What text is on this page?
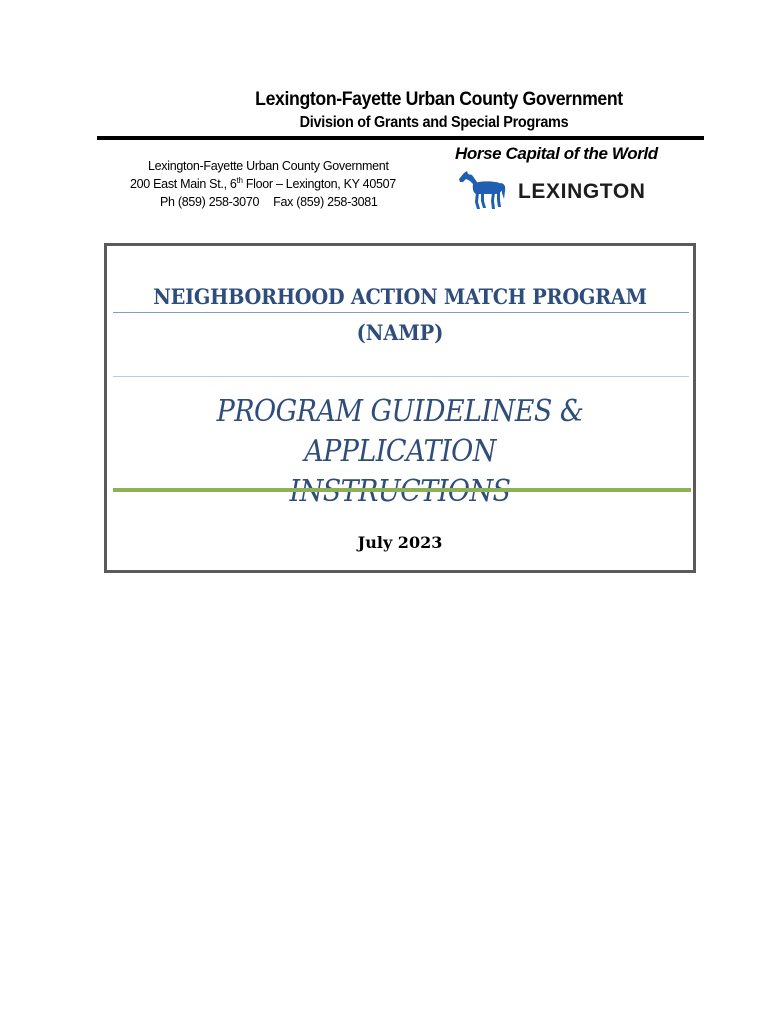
Lexington-Fayette Urban County Government
Division of Grants and Special Programs
Lexington-Fayette Urban County Government
200 East Main St., 6th Floor – Lexington, KY 40507
Ph (859) 258-3070 Fax (859) 258-3081
Horse Capital of the World
LEXINGTON
NEIGHBORHOOD ACTION MATCH PROGRAM
(NAMP)
PROGRAM GUIDELINES & APPLICATION
July 2023
